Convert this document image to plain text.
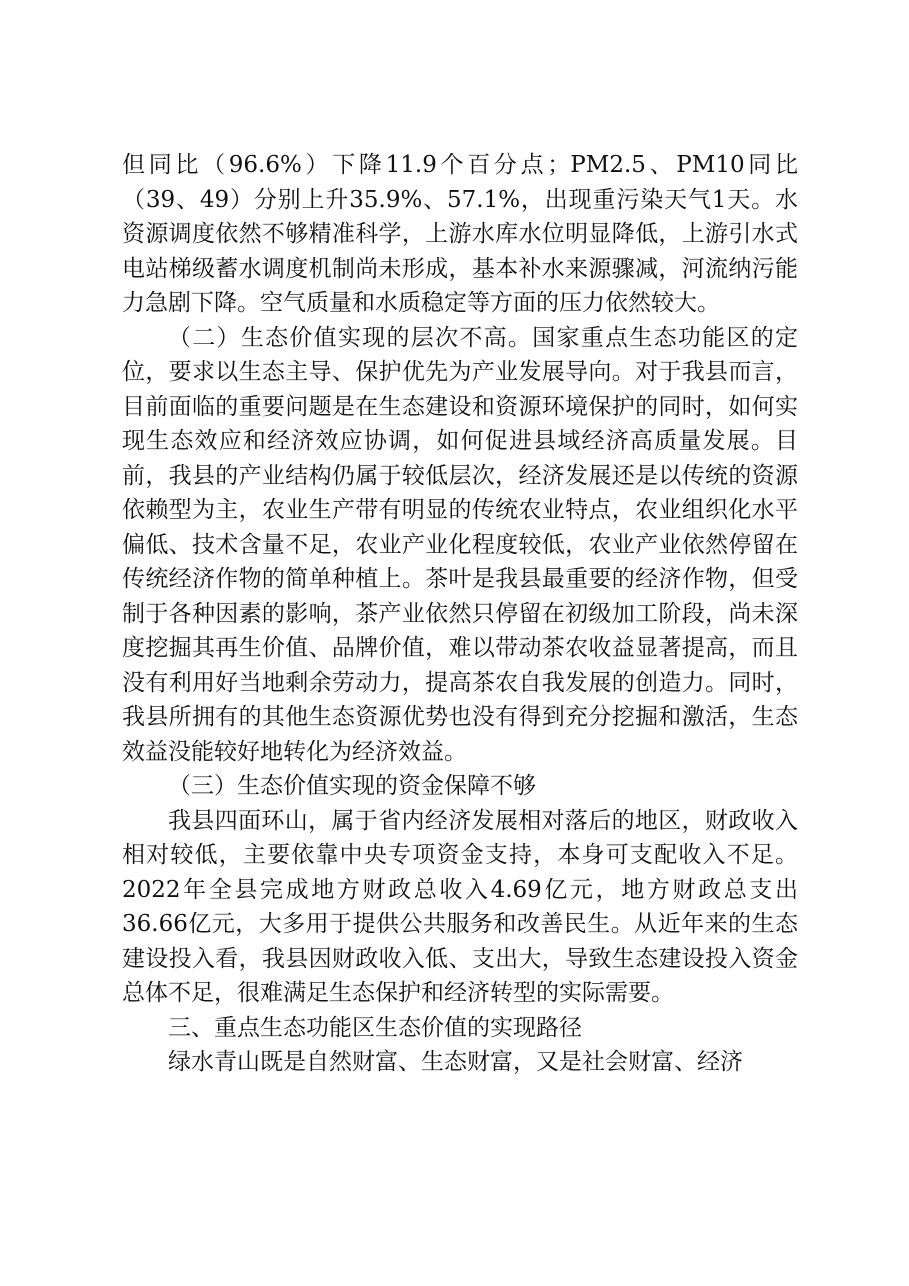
但同比（96.6%）下降11.9个百分点；PM2.5、PM10同比（39、49）分别上升35.9%、57.1%，出现重污染天气1天。水资源调度依然不够精准科学，上游水库水位明显降低，上游引水式电站梯级蓄水调度机制尚未形成，基本补水来源骤减，河流纳污能力急剧下降。空气质量和水质稳定等方面的压力依然较大。

（二）生态价值实现的层次不高。国家重点生态功能区的定位，要求以生态主导、保护优先为产业发展导向。对于我县而言，目前面临的重要问题是在生态建设和资源环境保护的同时，如何实现生态效应和经济效应协调，如何促进县域经济高质量发展。目前，我县的产业结构仍属于较低层次，经济发展还是以传统的资源依赖型为主，农业生产带有明显的传统农业特点，农业组织化水平偏低、技术含量不足，农业产业化程度较低，农业产业依然停留在传统经济作物的简单种植上。茶叶是我县最重要的经济作物，但受制于各种因素的影响，茶产业依然只停留在初级加工阶段，尚未深度挖掘其再生价值、品牌价值，难以带动茶农收益显著提高，而且没有利用好当地剩余劳动力，提高茶农自我发展的创造力。同时，我县所拥有的其他生态资源优势也没有得到充分挖掘和激活，生态效益没能较好地转化为经济效益。

（三）生态价值实现的资金保障不够

我县四面环山，属于省内经济发展相对落后的地区，财政收入相对较低，主要依靠中央专项资金支持，本身可支配收入不足。2022年全县完成地方财政总收入4.69亿元，地方财政总支出36.66亿元，大多用于提供公共服务和改善民生。从近年来的生态建设投入看，我县因财政收入低、支出大，导致生态建设投入资金总体不足，很难满足生态保护和经济转型的实际需要。

三、重点生态功能区生态价值的实现路径

绿水青山既是自然财富、生态财富，又是社会财富、经济
